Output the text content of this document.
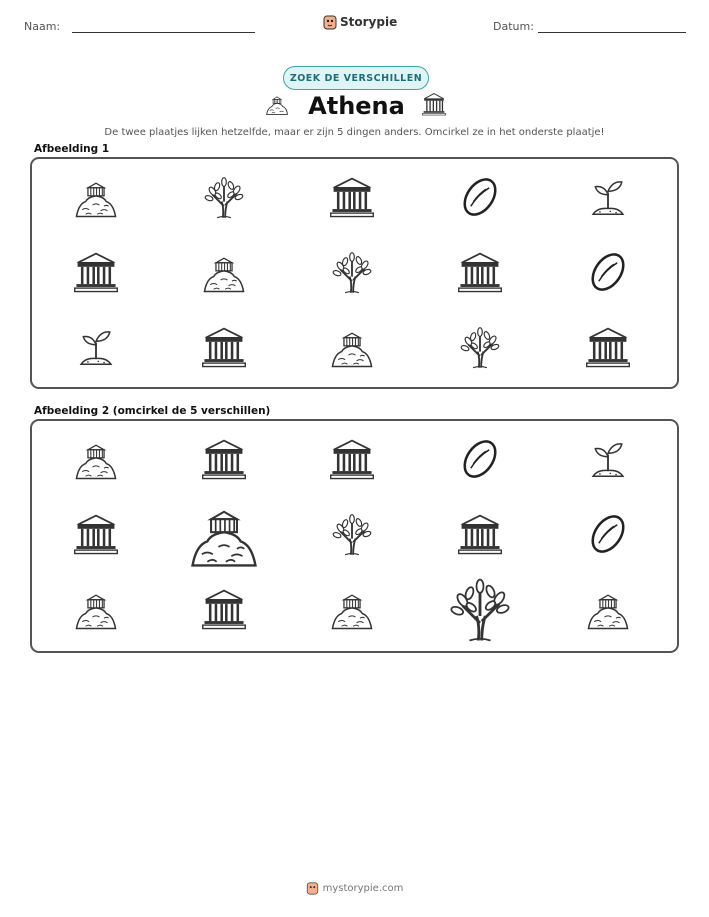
Naam:	Storypie	Datum:
ZOEK DE VERSCHILLEN
Athena
De twee plaatjes lijken hetzelfde, maar er zijn 5 dingen anders. Omcirkel ze in het onderste plaatje!
Afbeelding 1
Afbeelding 2 (omcirkel de 5 verschillen)
mystorypie.com
